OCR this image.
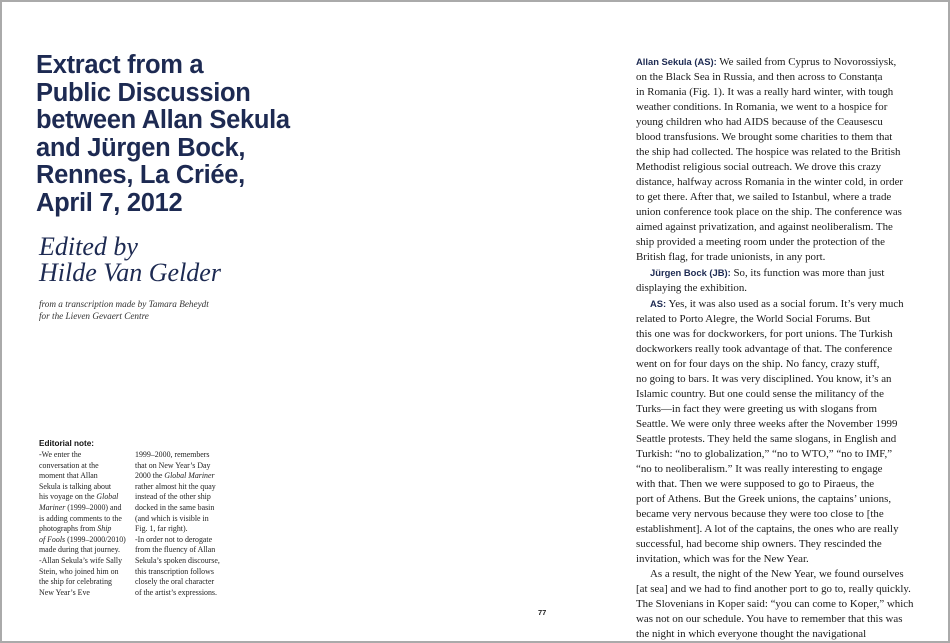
Extract from a
Public Discussion
between Allan Sekula
and Jürgen Bock,
Rennes, La Criée,
April 7, 2012
Edited by
Hilde Van Gelder
from a transcription made by Tamara Beheydt
for the Lieven Gevaert Centre
Editorial note:
-We enter the
conversation at the
moment that Allan
Sekula is talking about
his voyage on the Global
Mariner (1999–2000) and
is adding comments to the
photographs from Ship
of Fools (1999–2000/2010)
made during that journey.
-Allan Sekula’s wife Sally
Stein, who joined him on
the ship for celebrating
New Year’s Eve
1999–2000, remembers
that on New Year’s Day
2000 the Global Mariner
rather almost hit the quay
instead of the other ship
docked in the same basin
(and which is visible in
Fig. 1, far right).
-In order not to derogate
from the fluency of Allan
Sekula’s spoken discourse,
this transcription follows
closely the oral character
of the artist’s expressions.
Allan Sekula (AS): We sailed from Cyprus to Novorossiysk,
on the Black Sea in Russia, and then across to Constanța
in Romania (Fig. 1). It was a really hard winter, with tough
weather conditions. In Romania, we went to a hospice for
young children who had AIDS because of the Ceausescu
blood transfusions. We brought some charities to them that
the ship had collected. The hospice was related to the British
Methodist religious social outreach. We drove this crazy
distance, halfway across Romania in the winter cold, in order
to get there. After that, we sailed to Istanbul, where a trade
union conference took place on the ship. The conference was
aimed against privatization, and against neoliberalism. The
ship provided a meeting room under the protection of the
British flag, for trade unionists, in any port.
Jürgen Bock (JB): So, its function was more than just
displaying the exhibition.
AS: Yes, it was also used as a social forum. It’s very much
related to Porto Alegre, the World Social Forums. But
this one was for dockworkers, for port unions. The Turkish
dockworkers really took advantage of that. The conference
went on for four days on the ship. No fancy, crazy stuff,
no going to bars. It was very disciplined. You know, it’s an
Islamic country. But one could sense the militancy of the
Turks—in fact they were greeting us with slogans from
Seattle. We were only three weeks after the November 1999
Seattle protests. They held the same slogans, in English and
Turkish: “no to globalization,” “no to WTO,” “no to IMF,”
“no to neoliberalism.” It was really interesting to engage
with that. Then we were supposed to go to Piraeus, the
port of Athens. But the Greek unions, the captains’ unions,
became very nervous because they were too close to [the
establishment]. A lot of the captains, the ones who are really
successful, had become ship owners. They rescinded the
invitation, which was for the New Year.
As a result, the night of the New Year, we found ourselves
[at sea] and we had to find another port to go to, really quickly.
The Slovenians in Koper said: “you can come to Koper,” which
was not on our schedule. You have to remember that this was
the night in which everyone thought the navigational
77
